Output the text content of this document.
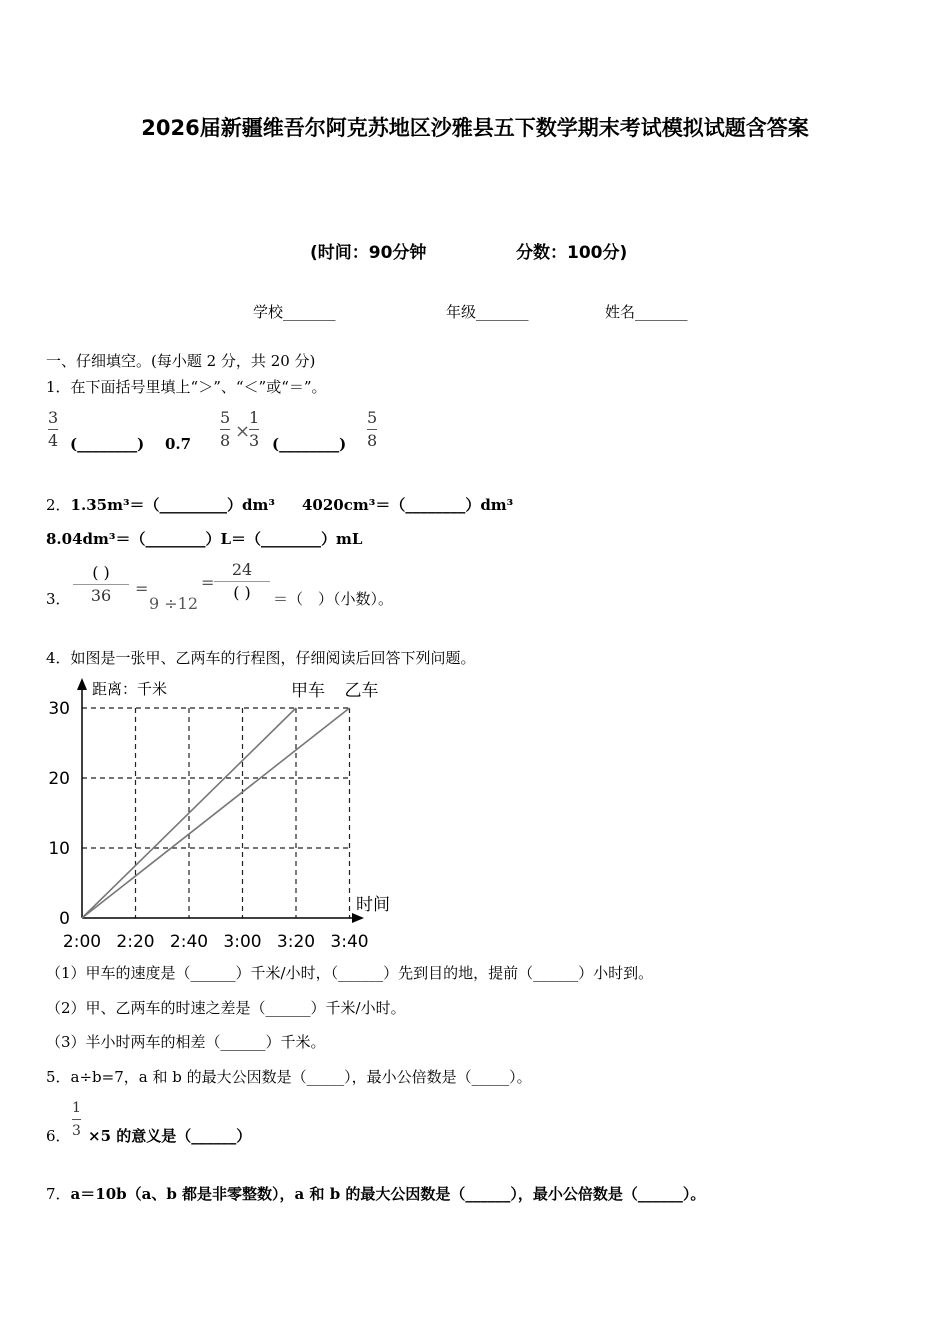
2026届新疆维吾尔阿克苏地区沙雅县五下数学期末考试模拟试题含答案
(时间：90分钟	分数：100分)
学校_______	年级_______	姓名_______
一、仔细填空。(每小题 2 分，共 20 分)
1．在下面括号里填上“＞”、“＜”或“＝”。
3
4 (________) 0.7
5
8 ×
1
3 (________)
5
8
2．1.35m³＝（_________）dm³ 4020cm³＝（________）dm³
8.04dm³＝（________）L＝（________）mL
3．
( )
36 =
9 ÷12
=
24
( ) ＝（　）（小数）。
4．如图是一张甲、乙两车的行程图，仔细阅读后回答下列问题。
距离：千米
时间
0
10
20
30
2:00 2:20 2:40 3:00 3:20 3:40
甲车 乙车
（1）甲车的速度是（______）千米/小时，（______）先到目的地，提前（______）小时到。
（2）甲、乙两车的时速之差是（______）千米/小时。
（3）半小时两车的相差（______）千米。
5．a÷b=7，a 和 b 的最大公因数是（_____），最小公倍数是（_____）。
6．
1
3 ×5 的意义是（______）
7．a＝10b（a、b 都是非零整数），a 和 b 的最大公因数是（______），最小公倍数是（______）。
